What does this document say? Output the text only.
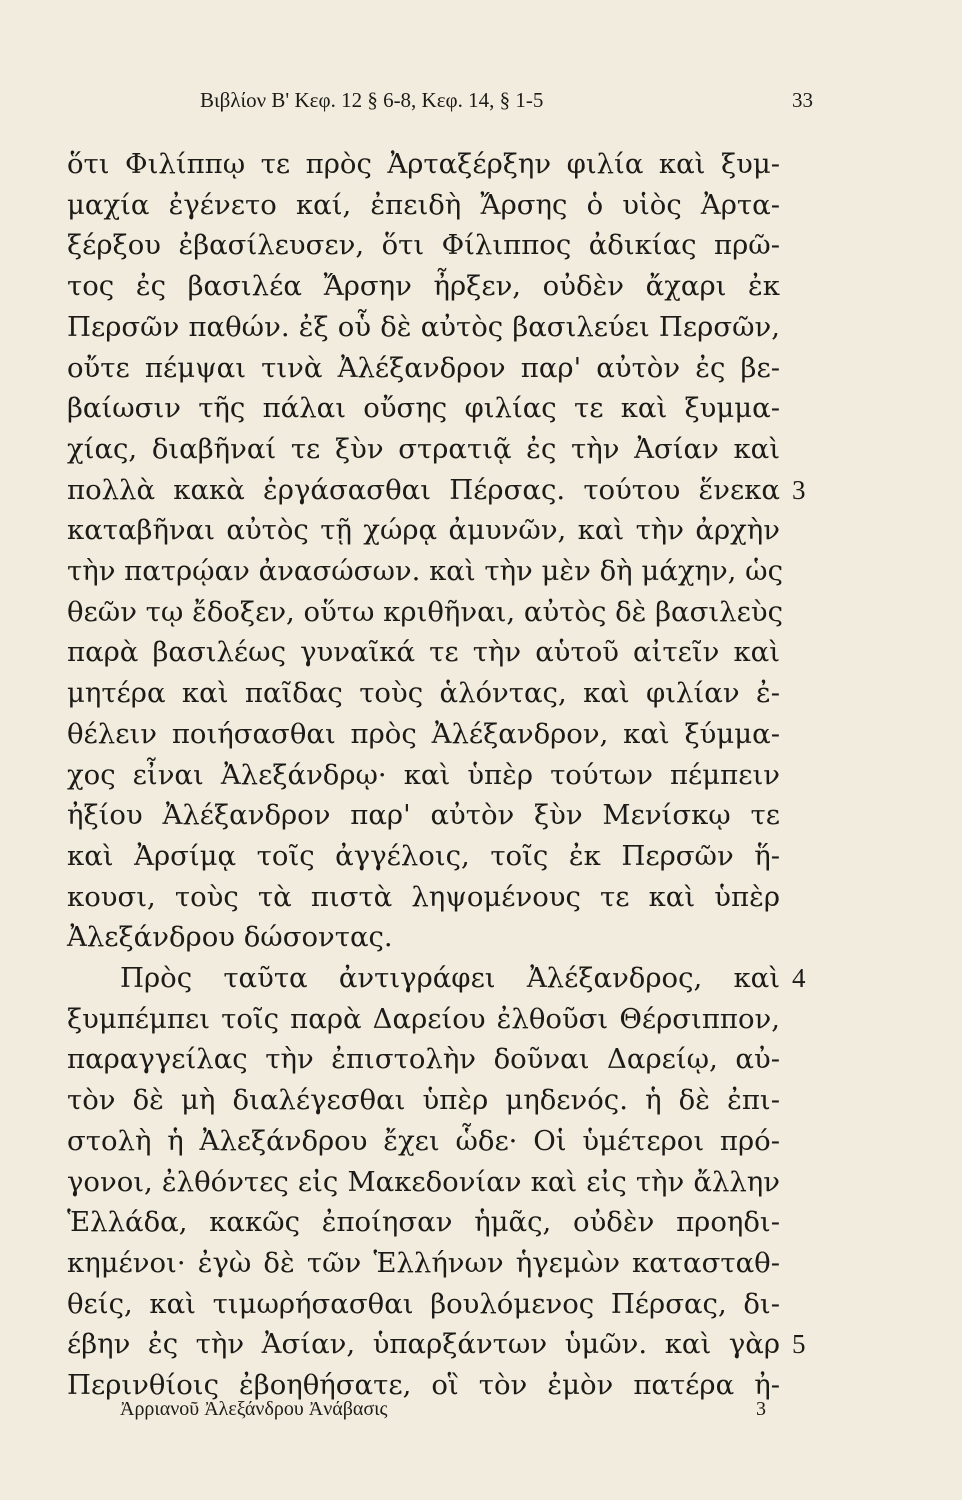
Βιβλίον Β' Κεφ. 12 § 6-8, Κεφ. 14, § 1-5	33
ὅτι Φιλίππῳ τε πρὸς Ἀρταξέρξην φιλία καὶ ξυμ-
μαχία ἐγένετο καί, ἐπειδὴ Ἄρσης ὁ υἱὸς Ἀρτα-
ξέρξου ἐβασίλευσεν, ὅτι Φίλιππος ἀδικίας πρῶ-
τος ἐς βασιλέα Ἄρσην ἦρξεν, οὐδὲν ἄχαρι ἐκ
Περσῶν παθών. ἐξ οὗ δὲ αὐτὸς βασιλεύει Περσῶν,
οὔτε πέμψαι τινὰ Ἀλέξανδρον παρ' αὐτὸν ἐς βε-
βαίωσιν τῆς πάλαι οὔσης φιλίας τε καὶ ξυμμα-
χίας, διαβῆναί τε ξὺν στρατιᾷ ἐς τὴν Ἀσίαν καὶ
πολλὰ κακὰ ἐργάσασθαι Πέρσας. τούτου ἕνεκα 3
καταβῆναι αὐτὸς τῇ χώρᾳ ἀμυνῶν, καὶ τὴν ἀρχὴν
τὴν πατρῴαν ἀνασώσων. καὶ τὴν μὲν δὴ μάχην, ὡς
θεῶν τῳ ἔδοξεν, οὕτω κριθῆναι, αὐτὸς δὲ βασιλεὺς
παρὰ βασιλέως γυναῖκά τε τὴν αὑτοῦ αἰτεῖν καὶ
μητέρα καὶ παῖδας τοὺς ἁλόντας, καὶ φιλίαν ἐ-
θέλειν ποιήσασθαι πρὸς Ἀλέξανδρον, καὶ ξύμμα-
χος εἶναι Ἀλεξάνδρῳ· καὶ ὑπὲρ τούτων πέμπειν
ἠξίου Ἀλέξανδρον παρ' αὐτὸν ξὺν Μενίσκῳ τε
καὶ Ἀρσίμᾳ τοῖς ἀγγέλοις, τοῖς ἐκ Περσῶν ἥ-
κουσι, τοὺς τὰ πιστὰ ληψομένους τε καὶ ὑπὲρ
Ἀλεξάνδρου δώσοντας.
Πρὸς ταῦτα ἀντιγράφει Ἀλέξανδρος, καὶ 4
ξυμπέμπει τοῖς παρὰ Δαρείου ἐλθοῦσι Θέρσιππον,
παραγγείλας τὴν ἐπιστολὴν δοῦναι Δαρείῳ, αὐ-
τὸν δὲ μὴ διαλέγεσθαι ὑπὲρ μηδενός. ἡ δὲ ἐπι-
στολὴ ἡ Ἀλεξάνδρου ἔχει ὧδε· Οἱ ὑμέτεροι πρό-
γονοι, ἐλθόντες εἰς Μακεδονίαν καὶ εἰς τὴν ἄλλην
Ἑλλάδα, κακῶς ἐποίησαν ἡμᾶς, οὐδὲν προηδι-
κημένοι· ἐγὼ δὲ τῶν Ἑλλήνων ἡγεμὼν κατασταθ-
θείς, καὶ τιμωρήσασθαι βουλόμενος Πέρσας, δι-
έβην ἐς τὴν Ἀσίαν, ὑπαρξάντων ὑμῶν. καὶ γὰρ 5
Περινθίοις ἐβοηθήσατε, οἳ τὸν ἐμὸν πατέρα ἠ-
Ἀρριανοῦ Ἀλεξάνδρου Ἀνάβασις	3
